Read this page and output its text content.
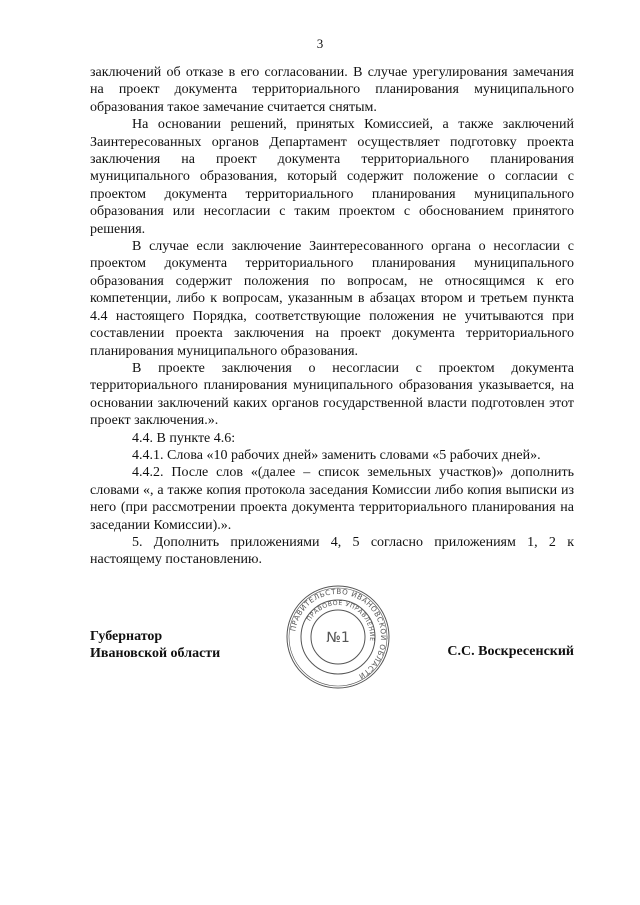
3

заключений об отказе в его согласовании. В случае урегулирования замечания на проект документа территориального планирования муниципального образования такое замечание считается снятым.

На основании решений, принятых Комиссией, а также заключений Заинтересованных органов Департамент осуществляет подготовку проекта заключения на проект документа территориального планирования муниципального образования, который содержит положение о согласии с проектом документа территориального планирования муниципального образования или несогласии с таким проектом с обоснованием принятого решения.

В случае если заключение Заинтересованного органа о несогласии с проектом документа территориального планирования муниципального образования содержит положения по вопросам, не относящимся к его компетенции, либо к вопросам, указанным в абзацах втором и третьем пункта 4.4 настоящего Порядка, соответствующие положения не учитываются при составлении проекта заключения на проект документа территориального планирования муниципального образования.

В проекте заключения о несогласии с проектом документа территориального планирования муниципального образования указывается, на основании заключений каких органов государственной власти подготовлен этот проект заключения.».

4.4. В пункте 4.6:

4.4.1. Слова «10 рабочих дней» заменить словами «5 рабочих дней».

4.4.2. После слов «(далее – список земельных участков)» дополнить словами «, а также копия протокола заседания Комиссии либо копия выписки из него (при рассмотрении проекта документа территориального планирования на заседании Комиссии).».

5. Дополнить приложениями 4, 5 согласно приложениям 1, 2 к настоящему постановлению.

Губернатор
Ивановской области
ПРАВИТЕЛЬСТВО ИВАНОВСКОЙ ОБЛАСТИ
ПРАВОВОЕ УПРАВЛЕНИЕ
№1
С.С. Воскресенский
